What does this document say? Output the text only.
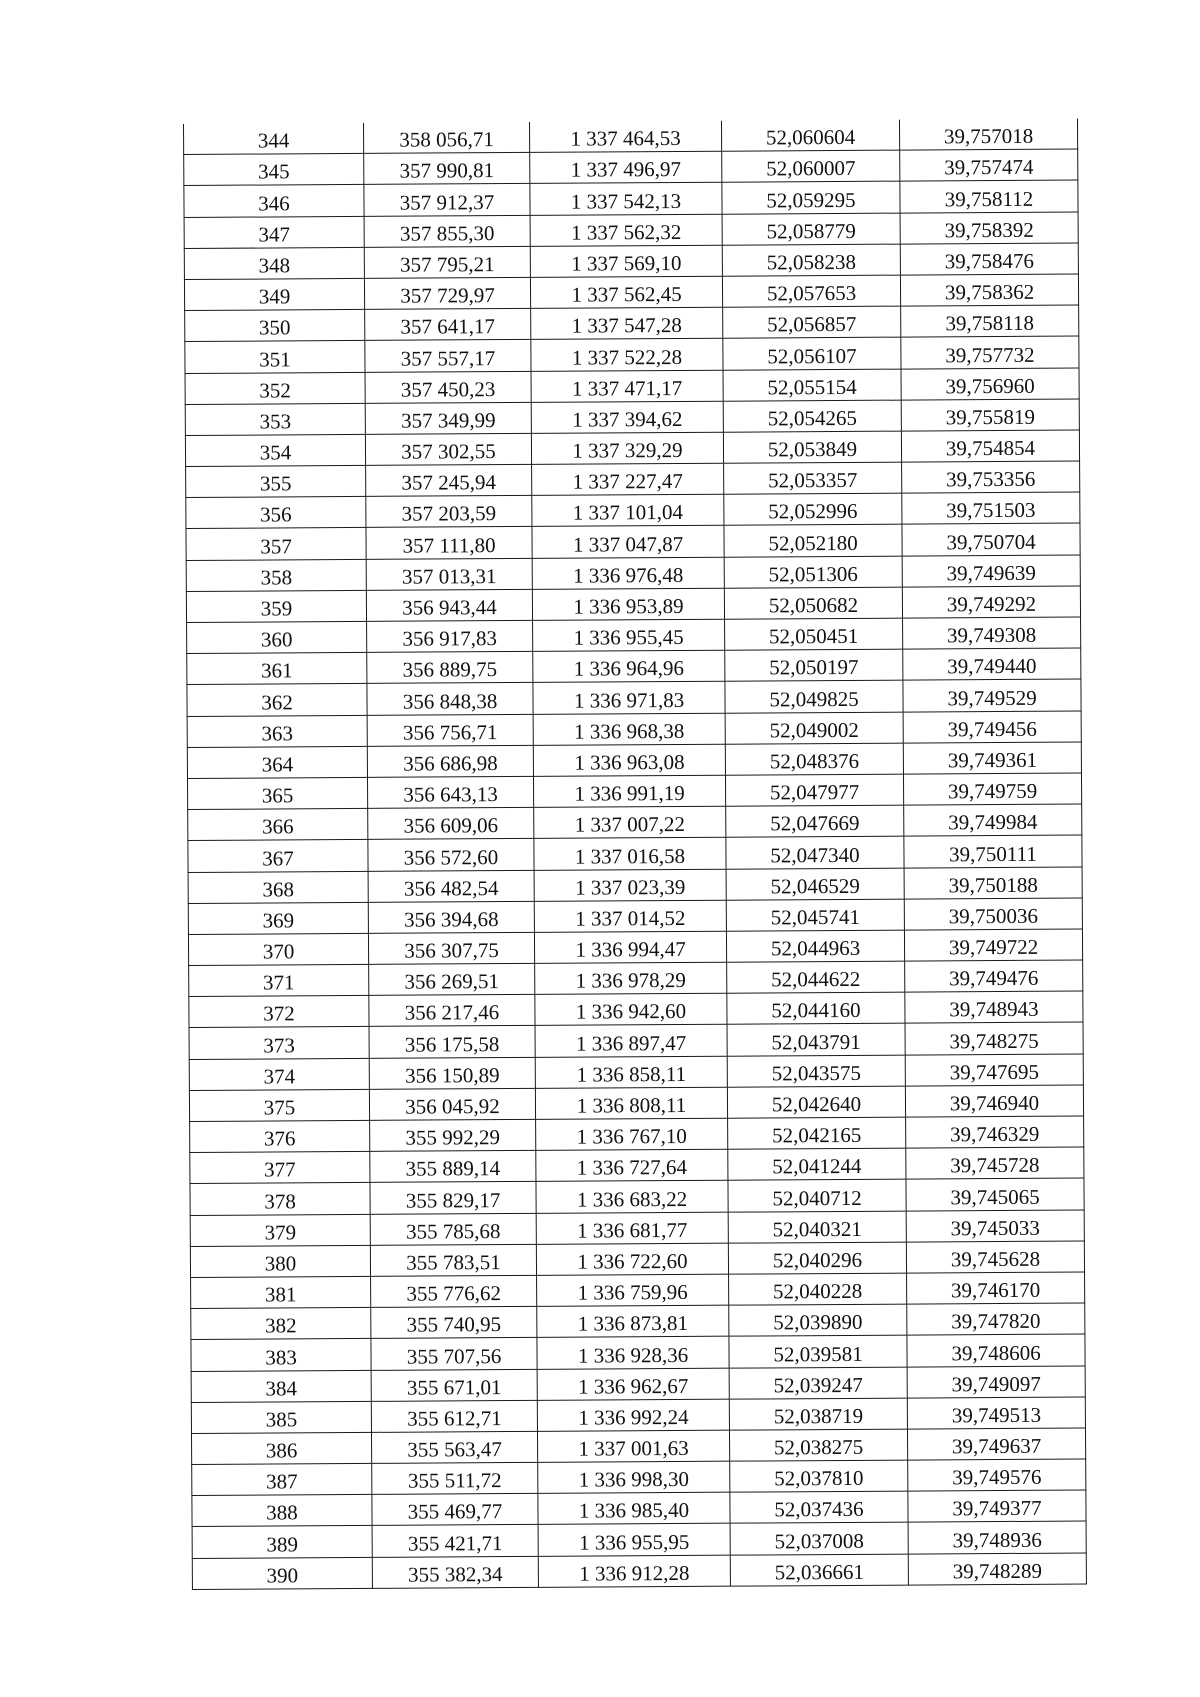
344	358 056,71	1 337 464,53	52,060604	39,757018
345	357 990,81	1 337 496,97	52,060007	39,757474
346	357 912,37	1 337 542,13	52,059295	39,758112
347	357 855,30	1 337 562,32	52,058779	39,758392
348	357 795,21	1 337 569,10	52,058238	39,758476
349	357 729,97	1 337 562,45	52,057653	39,758362
350	357 641,17	1 337 547,28	52,056857	39,758118
351	357 557,17	1 337 522,28	52,056107	39,757732
352	357 450,23	1 337 471,17	52,055154	39,756960
353	357 349,99	1 337 394,62	52,054265	39,755819
354	357 302,55	1 337 329,29	52,053849	39,754854
355	357 245,94	1 337 227,47	52,053357	39,753356
356	357 203,59	1 337 101,04	52,052996	39,751503
357	357 111,80	1 337 047,87	52,052180	39,750704
358	357 013,31	1 336 976,48	52,051306	39,749639
359	356 943,44	1 336 953,89	52,050682	39,749292
360	356 917,83	1 336 955,45	52,050451	39,749308
361	356 889,75	1 336 964,96	52,050197	39,749440
362	356 848,38	1 336 971,83	52,049825	39,749529
363	356 756,71	1 336 968,38	52,049002	39,749456
364	356 686,98	1 336 963,08	52,048376	39,749361
365	356 643,13	1 336 991,19	52,047977	39,749759
366	356 609,06	1 337 007,22	52,047669	39,749984
367	356 572,60	1 337 016,58	52,047340	39,750111
368	356 482,54	1 337 023,39	52,046529	39,750188
369	356 394,68	1 337 014,52	52,045741	39,750036
370	356 307,75	1 336 994,47	52,044963	39,749722
371	356 269,51	1 336 978,29	52,044622	39,749476
372	356 217,46	1 336 942,60	52,044160	39,748943
373	356 175,58	1 336 897,47	52,043791	39,748275
374	356 150,89	1 336 858,11	52,043575	39,747695
375	356 045,92	1 336 808,11	52,042640	39,746940
376	355 992,29	1 336 767,10	52,042165	39,746329
377	355 889,14	1 336 727,64	52,041244	39,745728
378	355 829,17	1 336 683,22	52,040712	39,745065
379	355 785,68	1 336 681,77	52,040321	39,745033
380	355 783,51	1 336 722,60	52,040296	39,745628
381	355 776,62	1 336 759,96	52,040228	39,746170
382	355 740,95	1 336 873,81	52,039890	39,747820
383	355 707,56	1 336 928,36	52,039581	39,748606
384	355 671,01	1 336 962,67	52,039247	39,749097
385	355 612,71	1 336 992,24	52,038719	39,749513
386	355 563,47	1 337 001,63	52,038275	39,749637
387	355 511,72	1 336 998,30	52,037810	39,749576
388	355 469,77	1 336 985,40	52,037436	39,749377
389	355 421,71	1 336 955,95	52,037008	39,748936
390	355 382,34	1 336 912,28	52,036661	39,748289
